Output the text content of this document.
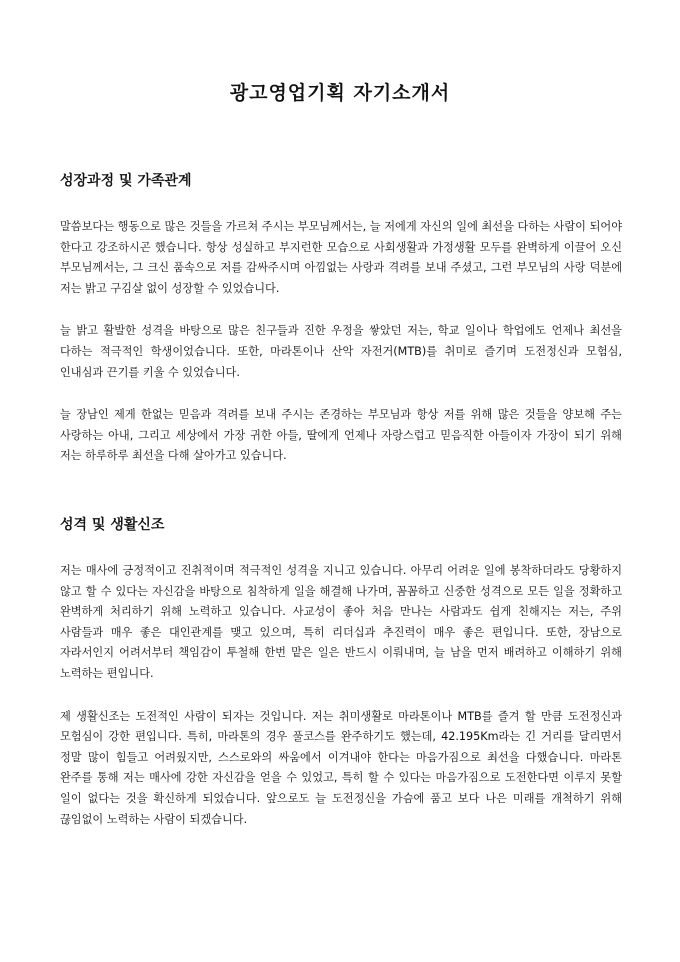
광고영업기획 자기소개서
성장과정 및 가족관계

말씀보다는 행동으로 많은 것들을 가르쳐 주시는 부모님께서는, 늘 저에게 자신의 일에 최선을 다하는 사람이 되어야 한다고 강조하시곤 했습니다. 항상 성실하고 부지런한 모습으로 사회생활과 가정생활 모두를 완벽하게 이끌어 오신 부모님께서는, 그 크신 품속으로 저를 감싸주시며 아낌없는 사랑과 격려를 보내 주셨고, 그런 부모님의 사랑 덕분에 저는 밝고 구김살 없이 성장할 수 있었습니다.

늘 밝고 활발한 성격을 바탕으로 많은 친구들과 진한 우정을 쌓았던 저는, 학교 일이나 학업에도 언제나 최선을 다하는 적극적인 학생이었습니다. 또한, 마라톤이나 산악 자전거(MTB)를 취미로 즐기며 도전정신과 모험심, 인내심과 끈기를 키울 수 있었습니다.

늘 장남인 제게 한없는 믿음과 격려를 보내 주시는 존경하는 부모님과 항상 저를 위해 많은 것들을 양보해 주는 사랑하는 아내, 그리고 세상에서 가장 귀한 아들, 딸에게 언제나 자랑스럽고 믿음직한 아들이자 가장이 되기 위해 저는 하루하루 최선을 다해 살아가고 있습니다.

성격 및 생활신조

저는 매사에 긍정적이고 진취적이며 적극적인 성격을 지니고 있습니다. 아무리 어려운 일에 봉착하더라도 당황하지 않고 할 수 있다는 자신감을 바탕으로 침착하게 일을 해결해 나가며, 꼼꼼하고 신중한 성격으로 모든 일을 정확하고 완벽하게 처리하기 위해 노력하고 있습니다. 사교성이 좋아 처음 만나는 사람과도 쉽게 친해지는 저는, 주위 사람들과 매우 좋은 대인관계를 맺고 있으며, 특히 리더십과 추진력이 매우 좋은 편입니다. 또한, 장남으로 자라서인지 어려서부터 책임감이 투철해 한번 맡은 일은 반드시 이뤄내며, 늘 남을 먼저 배려하고 이해하기 위해 노력하는 편입니다.

제 생활신조는 도전적인 사람이 되자는 것입니다. 저는 취미생활로 마라톤이나 MTB를 즐겨 할 만큼 도전정신과 모험심이 강한 편입니다. 특히, 마라톤의 경우 풀코스를 완주하기도 했는데, 42.195Km라는 긴 거리를 달리면서 정말 많이 힘들고 어려웠지만, 스스로와의 싸움에서 이겨내야 한다는 마음가짐으로 최선을 다했습니다. 마라톤 완주를 통해 저는 매사에 강한 자신감을 얻을 수 있었고, 특히 할 수 있다는 마음가짐으로 도전한다면 이루지 못할 일이 없다는 것을 확신하게 되었습니다. 앞으로도 늘 도전정신을 가슴에 품고 보다 나은 미래를 개척하기 위해 끊임없이 노력하는 사람이 되겠습니다.
